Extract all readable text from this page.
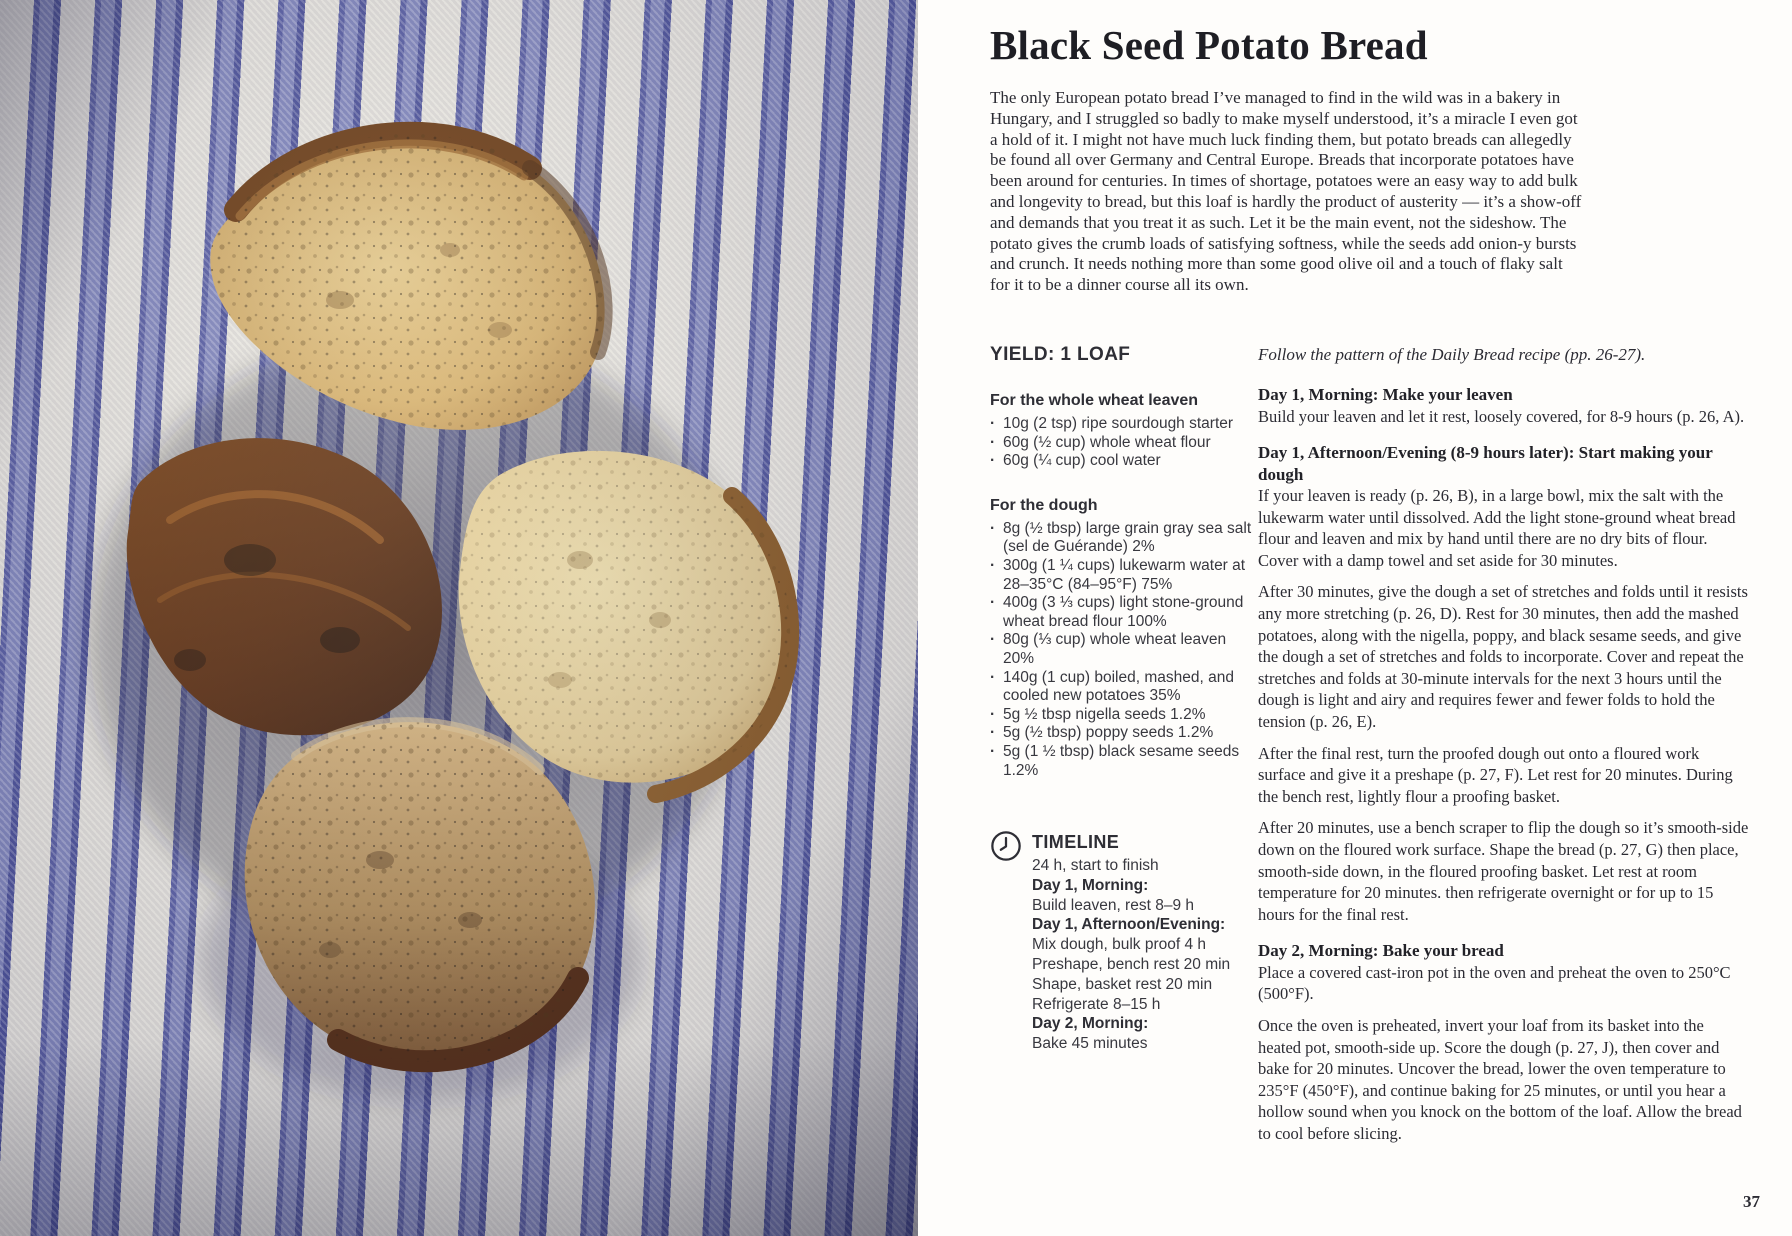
Black Seed Potato Bread

The only European potato bread I’ve managed to find in the wild was in a bakery in Hungary, and I struggled so badly to make myself understood, it’s a miracle I even got a hold of it. I might not have much luck finding them, but potato breads can allegedly be found all over Germany and Central Europe. Breads that incorporate potatoes have been around for centuries. In times of shortage, potatoes were an easy way to add bulk and longevity to bread, but this loaf is hardly the product of austerity — it’s a show-off and demands that you treat it as such. Let it be the main event, not the sideshow. The potato gives the crumb loads of satisfying softness, while the seeds add onion-y bursts and crunch. It needs nothing more than some good olive oil and a touch of flaky salt for it to be a dinner course all its own.

YIELD: 1 LOAF
For the whole wheat leaven
· 10g (2 tsp) ripe sourdough starter
· 60g (½ cup) whole wheat flour
· 60g (¼ cup) cool water
For the dough
· 8g (½ tbsp) large grain gray sea salt (sel de Guérande) 2%
· 300g (1 ¼ cups) lukewarm water at 28–35°C (84–95°F) 75%
· 400g (3 ⅓ cups) light stone-ground wheat bread flour 100%
· 80g (⅓ cup) whole wheat leaven 20%
· 140g (1 cup) boiled, mashed, and cooled new potatoes 35%
· 5g ½ tbsp nigella seeds 1.2%
· 5g (½ tbsp) poppy seeds 1.2%
· 5g (1 ½ tbsp) black sesame seeds 1.2%
TIMELINE
24 h, start to finish
Day 1, Morning:
Build leaven, rest 8–9 h
Day 1, Afternoon/Evening:
Mix dough, bulk proof 4 h
Preshape, bench rest 20 min
Shape, basket rest 20 min
Refrigerate 8–15 h
Day 2, Morning:
Bake 45 minutes

Follow the pattern of the Daily Bread recipe (pp. 26-27).

Day 1, Morning: Make your leaven

Build your leaven and let it rest, loosely covered, for 8-9 hours (p. 26, A).

Day 1, Afternoon/Evening (8-9 hours later): Start making your dough

If your leaven is ready (p. 26, B), in a large bowl, mix the salt with the lukewarm water until dissolved. Add the light stone-ground wheat bread flour and leaven and mix by hand until there are no dry bits of flour. Cover with a damp towel and set aside for 30 minutes.

After 30 minutes, give the dough a set of stretches and folds until it resists any more stretching (p. 26, D). Rest for 30 minutes, then add the mashed potatoes, along with the nigella, poppy, and black sesame seeds, and give the dough a set of stretches and folds to incorporate. Cover and repeat the stretches and folds at 30-minute intervals for the next 3 hours until the dough is light and airy and requires fewer and fewer folds to hold the tension (p. 26, E).

After the final rest, turn the proofed dough out onto a floured work surface and give it a preshape (p. 27, F). Let rest for 20 minutes. During the bench rest, lightly flour a proofing basket.

After 20 minutes, use a bench scraper to flip the dough so it’s smooth-side down on the floured work surface. Shape the bread (p. 27, G) then place, smooth-side down, in the floured proofing basket. Let rest at room temperature for 20 minutes. then refrigerate overnight or for up to 15 hours for the final rest.

Day 2, Morning: Bake your bread

Place a covered cast-iron pot in the oven and preheat the oven to 250°C (500°F).

Once the oven is preheated, invert your loaf from its basket into the heated pot, smooth-side up. Score the dough (p. 27, J), then cover and bake for 20 minutes. Uncover the bread, lower the oven temperature to 235°F (450°F), and continue baking for 25 minutes, or until you hear a hollow sound when you knock on the bottom of the loaf. Allow the bread to cool before slicing.

37
